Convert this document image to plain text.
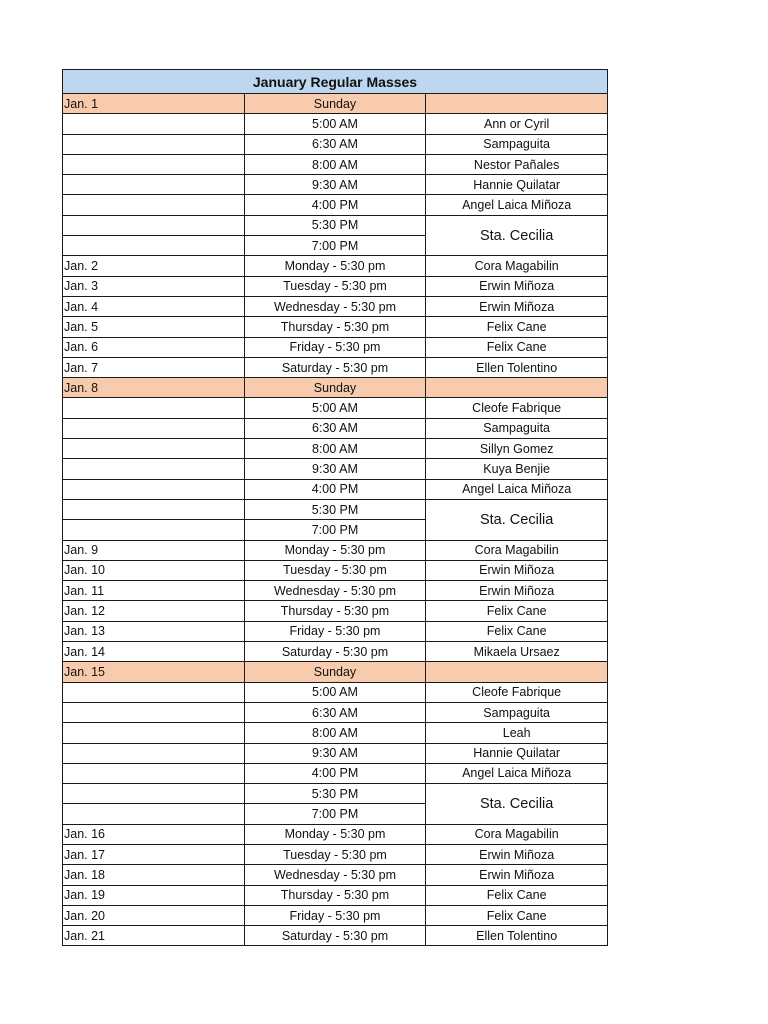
January Regular Masses		
Jan. 1	Sunday	
	5:00 AM	Ann or Cyril
	6:30 AM	Sampaguita
	8:00 AM	Nestor Pañales
	9:30 AM	Hannie Quilatar
	4:00 PM	Angel Laica Miñoza
	5:30 PM	Sta. Cecilia
	7:00 PM	
Jan. 2	Monday - 5:30 pm	Cora Magabilin
Jan. 3	Tuesday - 5:30 pm	Erwin Miñoza
Jan. 4	Wednesday - 5:30 pm	Erwin Miñoza
Jan. 5	Thursday - 5:30 pm	Felix Cane
Jan. 6	Friday - 5:30 pm	Felix Cane
Jan. 7	Saturday - 5:30 pm	Ellen Tolentino
Jan. 8	Sunday	
	5:00 AM	Cleofe Fabrique
	6:30 AM	Sampaguita
	8:00 AM	Sillyn Gomez
	9:30 AM	Kuya Benjie
	4:00 PM	Angel Laica Miñoza
	5:30 PM	Sta. Cecilia
	7:00 PM	
Jan. 9	Monday - 5:30 pm	Cora Magabilin
Jan. 10	Tuesday - 5:30 pm	Erwin Miñoza
Jan. 11	Wednesday - 5:30 pm	Erwin Miñoza
Jan. 12	Thursday - 5:30 pm	Felix Cane
Jan. 13	Friday - 5:30 pm	Felix Cane
Jan. 14	Saturday - 5:30 pm	Mikaela Ursaez
Jan. 15	Sunday	
	5:00 AM	Cleofe Fabrique
	6:30 AM	Sampaguita
	8:00 AM	Leah
	9:30 AM	Hannie Quilatar
	4:00 PM	Angel Laica Miñoza
	5:30 PM	Sta. Cecilia
	7:00 PM	
Jan. 16	Monday - 5:30 pm	Cora Magabilin
Jan. 17	Tuesday - 5:30 pm	Erwin Miñoza
Jan. 18	Wednesday - 5:30 pm	Erwin Miñoza
Jan. 19	Thursday - 5:30 pm	Felix Cane
Jan. 20	Friday - 5:30 pm	Felix Cane
Jan. 21	Saturday - 5:30 pm	Ellen Tolentino
